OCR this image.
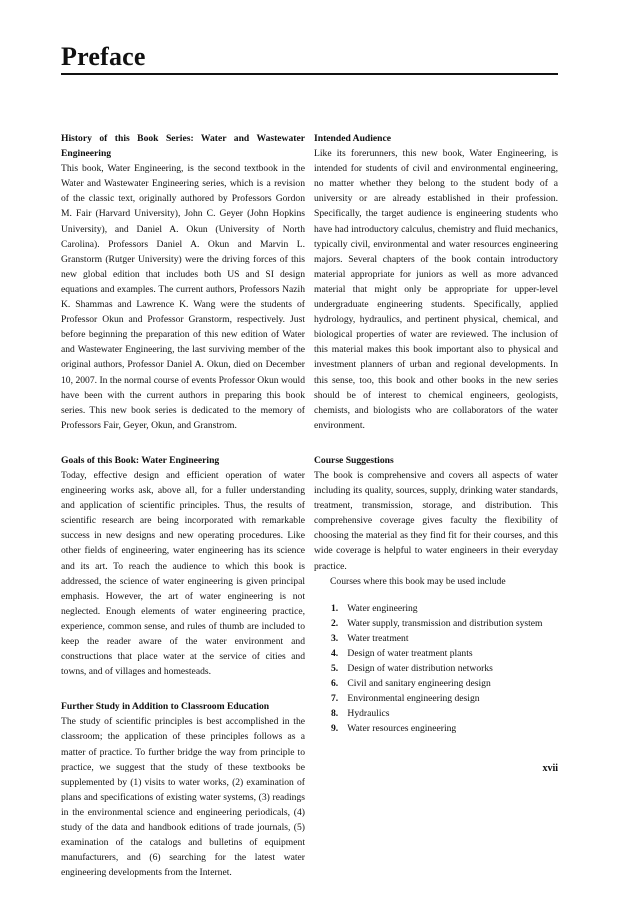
Preface

History of this Book Series: Water and Wastewater Engineering

This book, Water Engineering, is the second textbook in the Water and Wastewater Engineering series, which is a revision of the classic text, originally authored by Professors Gordon M. Fair (Harvard University), John C. Geyer (John Hopkins University), and Daniel A. Okun (University of North Carolina). Professors Daniel A. Okun and Marvin L. Granstorm (Rutger University) were the driving forces of this new global edition that includes both US and SI design equations and examples. The current authors, Professors Nazih K. Shammas and Lawrence K. Wang were the students of Professor Okun and Professor Granstorm, respectively. Just before beginning the preparation of this new edition of Water and Wastewater Engineering, the last surviving member of the original authors, Professor Daniel A. Okun, died on December 10, 2007. In the normal course of events Professor Okun would have been with the current authors in preparing this book series. This new book series is dedicated to the memory of Professors Fair, Geyer, Okun, and Granstrom.

Goals of this Book: Water Engineering

Today, effective design and efficient operation of water engineering works ask, above all, for a fuller understanding and application of scientific principles. Thus, the results of scientific research are being incorporated with remarkable success in new designs and new operating procedures. Like other fields of engineering, water engineering has its science and its art. To reach the audience to which this book is addressed, the science of water engineering is given principal emphasis. However, the art of water engineering is not neglected. Enough elements of water engineering practice, experience, common sense, and rules of thumb are included to keep the reader aware of the water environment and constructions that place water at the service of cities and towns, and of villages and homesteads.

Further Study in Addition to Classroom Education

The study of scientific principles is best accomplished in the classroom; the application of these principles follows as a matter of practice. To further bridge the way from principle to practice, we suggest that the study of these textbooks be supplemented by (1) visits to water works, (2) examination of plans and specifications of existing water systems, (3) readings in the environmental science and engineering periodicals, (4) study of the data and handbook editions of trade journals, (5) examination of the catalogs and bulletins of equipment manufacturers, and (6) searching for the latest water engineering developments from the Internet.

Intended Audience

Like its forerunners, this new book, Water Engineering, is intended for students of civil and environmental engineering, no matter whether they belong to the student body of a university or are already established in their profession. Specifically, the target audience is engineering students who have had introductory calculus, chemistry and fluid mechanics, typically civil, environmental and water resources engineering majors. Several chapters of the book contain introductory material appropriate for juniors as well as more advanced material that might only be appropriate for upper-level undergraduate engineering students. Specifically, applied hydrology, hydraulics, and pertinent physical, chemical, and biological properties of water are reviewed. The inclusion of this material makes this book important also to physical and investment planners of urban and regional developments. In this sense, too, this book and other books in the new series should be of interest to chemical engineers, geologists, chemists, and biologists who are collaborators of the water environment.

Course Suggestions

The book is comprehensive and covers all aspects of water including its quality, sources, supply, drinking water standards, treatment, transmission, storage, and distribution. This comprehensive coverage gives faculty the flexibility of choosing the material as they find fit for their courses, and this wide coverage is helpful to water engineers in their everyday practice.

Courses where this book may be used include

1. Water engineering
2. Water supply, transmission and distribution system
3. Water treatment
4. Design of water treatment plants
5. Design of water distribution networks
6. Civil and sanitary engineering design
7. Environmental engineering design
8. Hydraulics
9. Water resources engineering
xvii
